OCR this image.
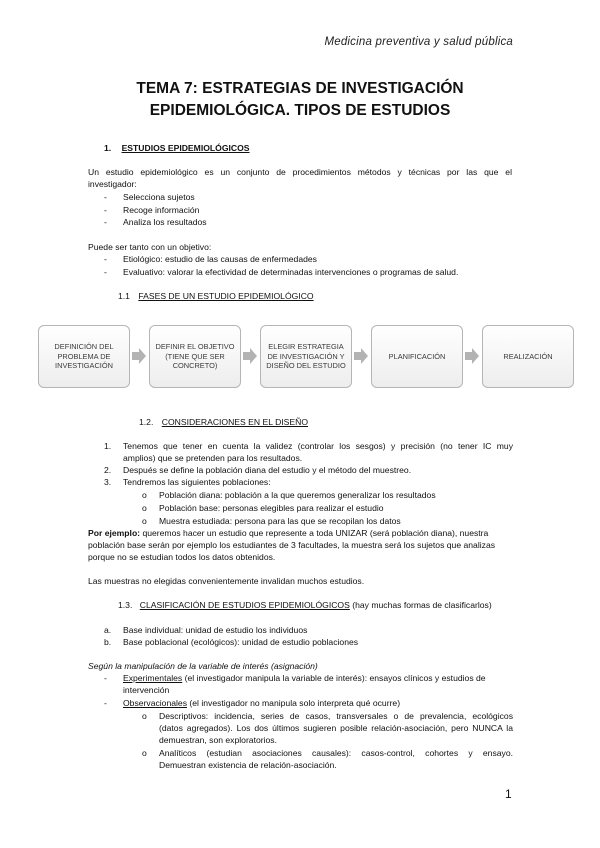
Medicina preventiva y salud pública
TEMA 7: ESTRATEGIAS DE INVESTIGACIÓN
EPIDEMIOLÓGICA. TIPOS DE ESTUDIOS
1. ESTUDIOS EPIDEMIOLÓGICOS
Un estudio epidemiológico es un conjunto de procedimientos métodos y técnicas por las que el
investigador:
- Selecciona sujetos
- Recoge información
- Analiza los resultados
Puede ser tanto con un objetivo:
- Etiológico: estudio de las causas de enfermedades
- Evaluativo: valorar la efectividad de determinadas intervenciones o programas de salud.
1.1 FASES DE UN ESTUDIO EPIDEMIOLÓGICO
DEFINICIÓN DEL PROBLEMA DE INVESTIGACIÓN
DEFINIR EL OBJETIVO (TIENE QUE SER CONCRETO)
ELEGIR ESTRATEGIA DE INVESTIGACIÓN Y DISEÑO DEL ESTUDIO
PLANIFICACIÓN	REALIZACIÓN
1.2. CONSIDERACIONES EN EL DISEÑO
1. Tenemos que tener en cuenta la validez (controlar los sesgos) y precisión (no tener IC muy
amplios) que se pretenden para los resultados.
2. Después se define la población diana del estudio y el método del muestreo.
3. Tendremos las siguientes poblaciones:
o Población diana: población a la que queremos generalizar los resultados
o Población base: personas elegibles para realizar el estudio
o Muestra estudiada: persona para las que se recopilan los datos
Por ejemplo: queremos hacer un estudio que represente a toda UNIZAR (será población diana), nuestra
población base serán por ejemplo los estudiantes de 3 facultades, la muestra será los sujetos que analizas
porque no se estudian todos los datos obtenidos.
Las muestras no elegidas convenientemente invalidan muchos estudios.
1.3. CLASIFICACIÓN DE ESTUDIOS EPIDEMIOLÓGICOS (hay muchas formas de clasificarlos)
a. Base individual: unidad de estudio los individuos
b. Base poblacional (ecológicos): unidad de estudio poblaciones
Según la manipulación de la variable de interés (asignación)
- Experimentales (el investigador manipula la variable de interés): ensayos clínicos y estudios de
intervención
- Observacionales (el investigador no manipula solo interpreta qué ocurre)
o Descriptivos: incidencia, series de casos, transversales o de prevalencia, ecológicos
(datos agregados). Los dos últimos sugieren posible relación-asociación, pero NUNCA la
demuestran, son exploratorios.
o Analíticos (estudian asociaciones causales): casos-control, cohortes y ensayo.
Demuestran existencia de relación-asociación.
1
